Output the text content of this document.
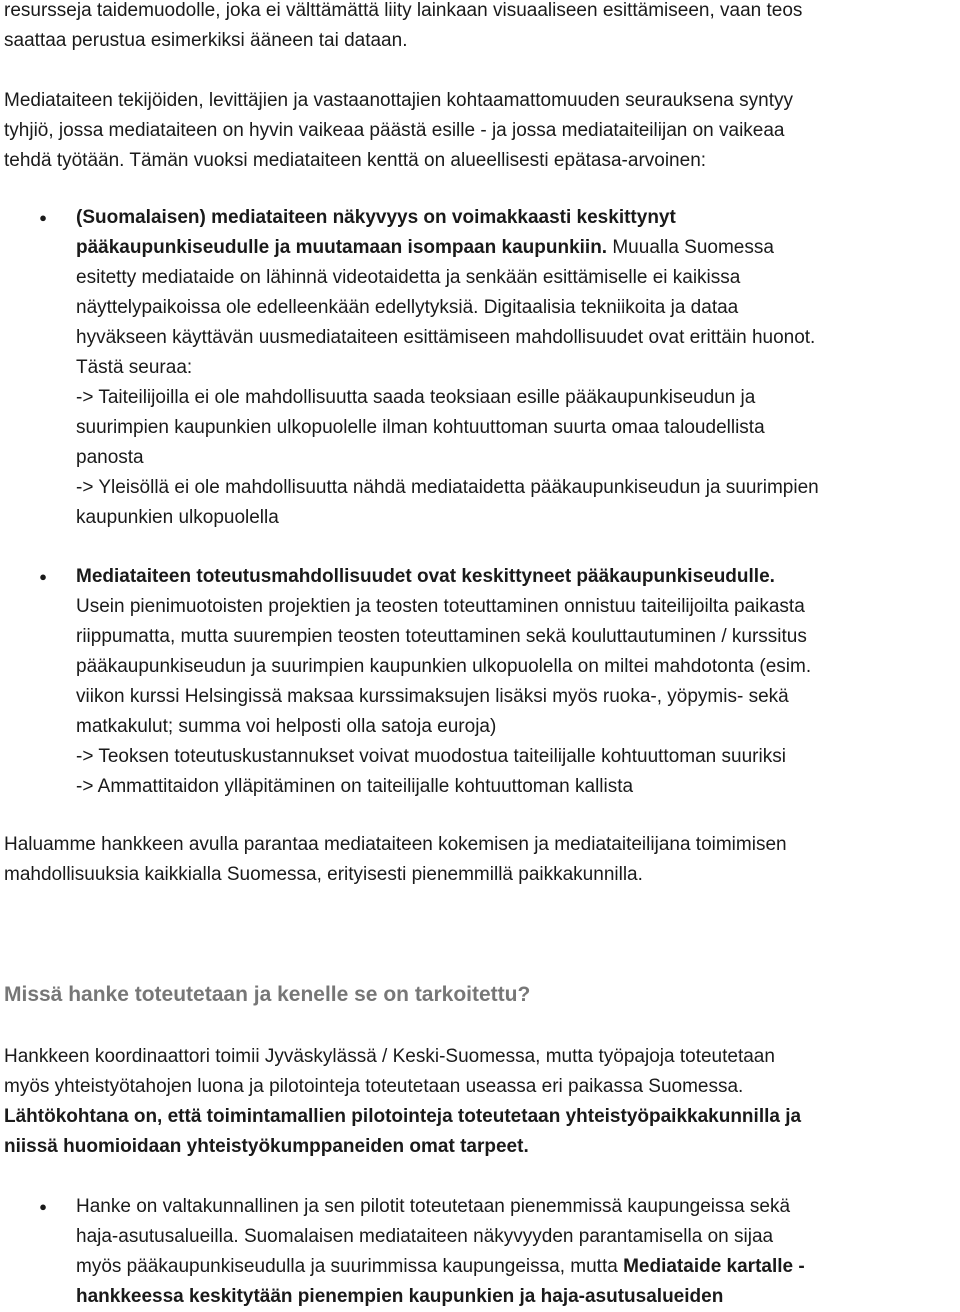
resursseja taidemuodolle, joka ei välttämättä liity lainkaan visuaaliseen esittämiseen, vaan teos
saattaa perustua esimerkiksi ääneen tai dataan.
Mediataiteen tekijöiden, levittäjien ja vastaanottajien kohtaamattomuuden seurauksena syntyy
tyhjiö, jossa mediataiteen on hyvin vaikeaa päästä esille - ja jossa mediataiteilijan on vaikeaa
tehdä työtään. Tämän vuoksi mediataiteen kenttä on alueellisesti epätasa-arvoinen:
● (Suomalaisen) mediataiteen näkyvyys on voimakkaasti keskittynyt
pääkaupunkiseudulle ja muutamaan isompaan kaupunkiin. Muualla Suomessa
esitetty mediataide on lähinnä videotaidetta ja senkään esittämiselle ei kaikissa
näyttelypaikoissa ole edelleenkään edellytyksiä. Digitaalisia tekniikoita ja dataa
hyväkseen käyttävän uusmediataiteen esittämiseen mahdollisuudet ovat erittäin huonot.
Tästä seuraa:
-> Taiteilijoilla ei ole mahdollisuutta saada teoksiaan esille pääkaupunkiseudun ja
suurimpien kaupunkien ulkopuolelle ilman kohtuuttoman suurta omaa taloudellista
panosta
-> Yleisöllä ei ole mahdollisuutta nähdä mediataidetta pääkaupunkiseudun ja suurimpien
kaupunkien ulkopuolella
● Mediataiteen toteutusmahdollisuudet ovat keskittyneet pääkaupunkiseudulle.
Usein pienimuotoisten projektien ja teosten toteuttaminen onnistuu taiteilijoilta paikasta
riippumatta, mutta suurempien teosten toteuttaminen sekä kouluttautuminen / kurssitus
pääkaupunkiseudun ja suurimpien kaupunkien ulkopuolella on miltei mahdotonta (esim.
viikon kurssi Helsingissä maksaa kurssimaksujen lisäksi myös ruoka-, yöpymis- sekä
matkakulut; summa voi helposti olla satoja euroja)
-> Teoksen toteutuskustannukset voivat muodostua taiteilijalle kohtuuttoman suuriksi
-> Ammattitaidon ylläpitäminen on taiteilijalle kohtuuttoman kallista
Haluamme hankkeen avulla parantaa mediataiteen kokemisen ja mediataiteilijana toimimisen
mahdollisuuksia kaikkialla Suomessa, erityisesti pienemmillä paikkakunnilla.
Missä hanke toteutetaan ja kenelle se on tarkoitettu?
Hankkeen koordinaattori toimii Jyväskylässä / Keski-Suomessa, mutta työpajoja toteutetaan
myös yhteistyötahojen luona ja pilotointeja toteutetaan useassa eri paikassa Suomessa.
Lähtökohtana on, että toimintamallien pilotointeja toteutetaan yhteistyöpaikkakunnilla ja
niissä huomioidaan yhteistyökumppaneiden omat tarpeet.
● Hanke on valtakunnallinen ja sen pilotit toteutetaan pienemmissä kaupungeissa sekä
haja-asutusalueilla. Suomalaisen mediataiteen näkyvyyden parantamisella on sijaa
myös pääkaupunkiseudulla ja suurimmissa kaupungeissa, mutta Mediataide kartalle -
hankkeessa keskitytään pienempien kaupunkien ja haja-asutusalueiden
